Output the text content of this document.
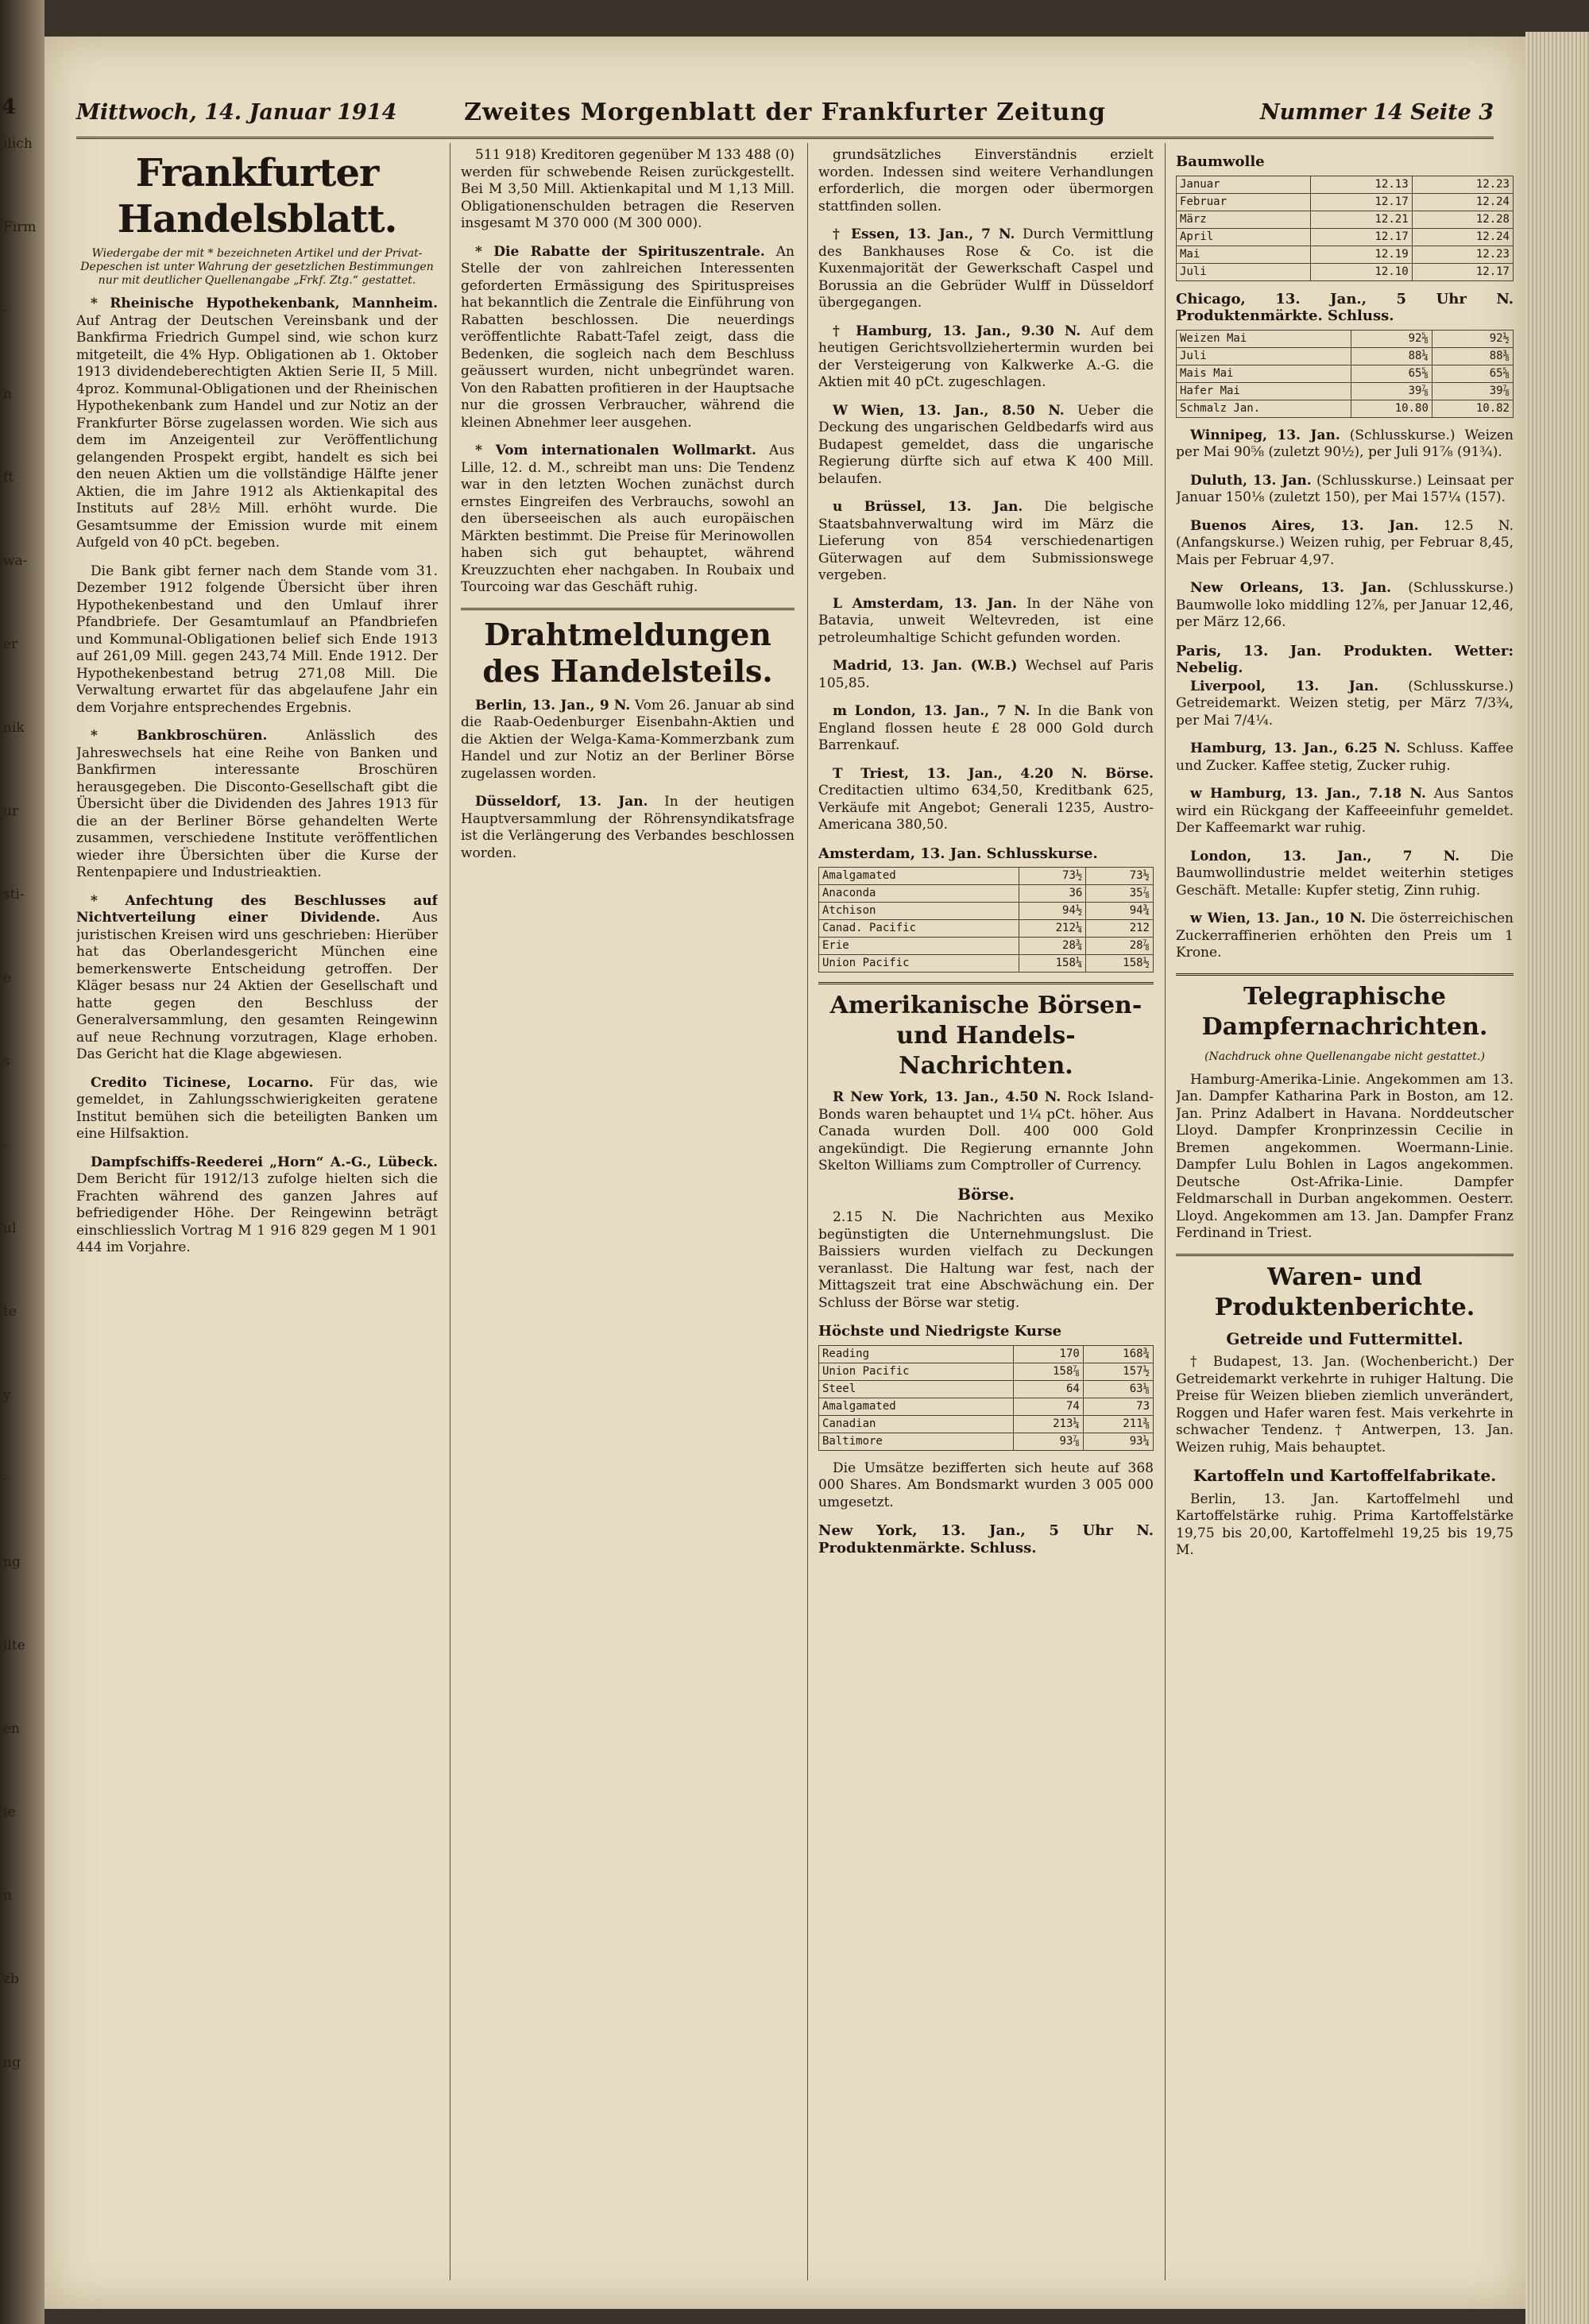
4
ilich
Firm
-
n
ft
wa-
er
nik
ur
sti-
e
s
-
ul
te
y
-
ng
ilte
en
ie
n
zb
ng
Mittwoch, 14. Januar 1914	Zweites Morgenblatt der Frankfurter Zeitung	Nummer 14 Seite 3
Frankfurter Handelsblatt.
Wiedergabe der mit * bezeichneten Artikel und der Privat-Depeschen ist unter Wahrung der gesetzlichen Bestimmungen nur mit deutlicher Quellenangabe „Frkf. Ztg.“ gestattet.
* Rheinische Hypothekenbank, Mannheim. Auf Antrag der Deutschen Vereinsbank und der Bankfirma Friedrich Gumpel sind, wie schon kurz mitgeteilt, die 4% Hyp. Obligationen ab 1. Oktober 1913 dividendeberechtigten Aktien Serie II, 5 Mill. 4proz. Kommunal-Obligationen und der Rheinischen Hypothekenbank zum Handel und zur Notiz an der Frankfurter Börse zugelassen worden. Wie sich aus dem im Anzeigenteil zur Veröffentlichung gelangenden Prospekt ergibt, handelt es sich bei den neuen Aktien um die vollständige Hälfte jener Aktien, die im Jahre 1912 als Aktienkapital des Instituts auf 28½ Mill. erhöht wurde. Die Gesamtsumme der Emission wurde mit einem Aufgeld von 40 pCt. begeben.
Die Bank gibt ferner nach dem Stande vom 31. Dezember 1912 folgende Übersicht über ihren Hypothekenbestand und den Umlauf ihrer Pfandbriefe. Der Gesamtumlauf an Pfandbriefen und Kommunal-Obligationen belief sich Ende 1913 auf 261,09 Mill. gegen 243,74 Mill. Ende 1912. Der Hypothekenbestand betrug 271,08 Mill. Die Verwaltung erwartet für das abgelaufene Jahr ein dem Vorjahre entsprechendes Ergebnis.
* Bankbroschüren.	Anlässlich des Jahreswechsels hat eine Reihe von Banken und Bankfirmen interessante Broschüren herausgegeben. Die Disconto-Gesellschaft gibt die Übersicht über die Dividenden des Jahres 1913 für die an der Berliner Börse gehandelten Werte zusammen, verschiedene Institute veröffentlichen wieder ihre Übersichten über die Kurse der Rentenpapiere und Industrieaktien.
* Anfechtung des Beschlusses auf Nichtverteilung einer Dividende. Aus juristischen Kreisen wird uns geschrieben: Hierüber hat das Oberlandesgericht München eine bemerkenswerte Entscheidung getroffen. Der Kläger besass nur 24 Aktien der Gesellschaft und hatte gegen den Beschluss der Generalversammlung, den gesamten Reingewinn auf neue Rechnung vorzutragen, Klage erhoben. Das Gericht hat die Klage abgewiesen.
Credito Ticinese, Locarno. Für das, wie gemeldet, in Zahlungsschwierigkeiten geratene Institut bemühen sich die beteiligten Banken um eine Hilfsaktion.
Dampfschiffs-Reederei „Horn“ A.-G., Lübeck. Dem Bericht für 1912/13 zufolge hielten sich die Frachten während des ganzen Jahres auf befriedigender Höhe. Der Reingewinn beträgt einschliesslich Vortrag M 1 916 829 gegen M 1 901 444 im Vorjahre.
511 918) Kreditoren gegenüber M 133 488 (0) werden für schwebende Reisen zurückgestellt. Bei M 3,50 Mill. Aktienkapital und M 1,13 Mill. Obligationenschulden betragen die Reserven insgesamt M 370 000 (M 300 000).
* Die Rabatte der Spirituszentrale. An Stelle der von zahlreichen Interessenten geforderten Ermässigung des Spirituspreises hat bekanntlich die Zentrale die Einführung von Rabatten beschlossen. Die neuerdings veröffentlichte Rabatt-Tafel zeigt, dass die Bedenken, die sogleich nach dem Beschluss geäussert wurden, nicht unbegründet waren. Von den Rabatten profitieren in der Hauptsache nur die grossen Verbraucher, während die kleinen Abnehmer leer ausgehen.
* Vom internationalen Wollmarkt. Aus Lille, 12. d. M., schreibt man uns: Die Tendenz war in den letzten Wochen zunächst durch ernstes Eingreifen des Verbrauchs, sowohl an den überseeischen als auch europäischen Märkten bestimmt. Die Preise für Merinowollen haben sich gut behauptet, während Kreuzzuchten eher nachgaben. In Roubaix und Tourcoing war das Geschäft ruhig.
Drahtmeldungen des Handelsteils.
Berlin, 13. Jan., 9 N. Vom 26. Januar ab sind die Raab-Oedenburger Eisenbahn-Aktien und die Aktien der Welga-Kama-Kommerzbank zum Handel und zur Notiz an der Berliner Börse zugelassen worden.
Düsseldorf, 13. Jan. In der heutigen Hauptversammlung der Röhrensyndikatsfrage ist die Verlängerung des Verbandes beschlossen worden.
grundsätzliches Einverständnis erzielt worden. Indessen sind weitere Verhandlungen erforderlich, die morgen oder übermorgen stattfinden sollen.
† Essen, 13. Jan., 7 N. Durch Vermittlung des Bankhauses Rose & Co. ist die Kuxenmajorität der Gewerkschaft Caspel und Borussia an die Gebrüder Wulff in Düsseldorf übergegangen.
† Hamburg, 13. Jan., 9.30 N. Auf dem heutigen Gerichtsvollziehertermin wurden bei der Versteigerung von Kalkwerke A.-G. die Aktien mit 40 pCt. zugeschlagen.
W Wien, 13. Jan., 8.50 N. Ueber die Deckung des ungarischen Geldbedarfs wird aus Budapest gemeldet, dass die ungarische Regierung dürfte sich auf etwa K 400 Mill. belaufen.
u Brüssel, 13. Jan. Die belgische Staatsbahnverwaltung wird im März die Lieferung von 854 verschiedenartigen Güterwagen auf dem Submissionswege vergeben.
L Amsterdam, 13. Jan. In der Nähe von Batavia, unweit Weltevreden, ist eine petroleumhaltige Schicht gefunden worden.
Madrid, 13. Jan. (W.B.) Wechsel auf Paris 105,85.
m London, 13. Jan., 7 N. In die Bank von England flossen heute £ 28 000 Gold durch Barrenkauf.
T Triest, 13. Jan., 4.20 N. Börse. Creditactien ultimo 634,50, Kreditbank 625, Verkäufe mit Angebot; Generali 1235, Austro-Americana 380,50.
Amsterdam, 13. Jan. Schlusskurse.
Amalgamated	73½	73½
Anaconda	36	35⅞
Atchison	94½	94¾
Canad. Pacific	212¼	212
Erie	28¾	28⅞
Union Pacific	158¼	158½
Amerikanische Börsen- und Handels-Nachrichten.
R New York, 13. Jan., 4.50 N. Rock Island-Bonds waren behauptet und 1¼ pCt. höher. Aus Canada wurden Doll. 400 000 Gold angekündigt. Die Regierung ernannte John Skelton Williams zum Comptroller of Currency.
Börse.
2.15 N. Die Nachrichten aus Mexiko begünstigten die Unternehmungslust. Die Baissiers wurden vielfach zu Deckungen veranlasst. Die Haltung war fest, nach der Mittagszeit trat eine Abschwächung ein. Der Schluss der Börse war stetig.
Höchste und Niedrigste Kurse
Reading	170	168¾
Union Pacific	158⅞	157½
Steel	64	63⅛
Amalgamated	74	73
Canadian	213¼	211⅜
Baltimore	93⅞	93¼
Die Umsätze bezifferten sich heute auf 368 000 Shares. Am Bondsmarkt wurden 3 005 000 umgesetzt.
New York, 13. Jan., 5 Uhr N. Produktenmärkte. Schluss.
Baumwolle
Januar	12.13	12.23
Februar	12.17	12.24
März	12.21	12.28
April	12.17	12.24
Mai	12.19	12.23
Juli	12.10	12.17
Chicago, 13. Jan., 5 Uhr N. Produktenmärkte. Schluss.
Weizen Mai	92⅝	92½
Juli	88¼	88⅜
Mais Mai	65⅝	65⅝
Hafer Mai	39⅞	39⅞
Schmalz Jan.	10.80	10.82
Winnipeg, 13. Jan. (Schlusskurse.) Weizen per Mai 90⅝ (zuletzt 90½), per Juli 91⅞ (91¾).
Duluth, 13. Jan. (Schlusskurse.) Leinsaat per Januar 150⅛ (zuletzt 150), per Mai 157¼ (157).
Buenos Aires, 13. Jan. 12.5 N. (Anfangskurse.) Weizen ruhig, per Februar 8,45, Mais per Februar 4,97.
New Orleans, 13. Jan. (Schlusskurse.) Baumwolle loko middling 12⅞, per Januar 12,46, per März 12,66.
Paris, 13. Jan. Produkten. Wetter: Nebelig.
Liverpool, 13. Jan. (Schlusskurse.) Getreidemarkt. Weizen stetig, per März 7/3¾, per Mai 7/4¼.
Hamburg, 13. Jan., 6.25 N. Schluss. Kaffee und Zucker. Kaffee stetig, Zucker ruhig.
w Hamburg, 13. Jan., 7.18 N. Aus Santos wird ein Rückgang der Kaffeeeinfuhr gemeldet. Der Kaffeemarkt war ruhig.
London, 13. Jan., 7 N. Die Baumwollindustrie meldet weiterhin stetiges Geschäft. Metalle: Kupfer stetig, Zinn ruhig.
w Wien, 13. Jan., 10 N. Die österreichischen Zuckerraffinerien erhöhten den Preis um 1 Krone.
Telegraphische Dampfernachrichten.
(Nachdruck ohne Quellenangabe nicht gestattet.)
Hamburg-Amerika-Linie. Angekommen am 13. Jan. Dampfer Katharina Park in Boston, am 12. Jan. Prinz Adalbert in Havana. Norddeutscher Lloyd. Dampfer Kronprinzessin Cecilie in Bremen angekommen. Woermann-Linie. Dampfer Lulu Bohlen in Lagos angekommen. Deutsche Ost-Afrika-Linie. Dampfer Feldmarschall in Durban angekommen. Oesterr. Lloyd. Angekommen am 13. Jan. Dampfer Franz Ferdinand in Triest.
Waren- und Produktenberichte.
Getreide und Futtermittel.
† Budapest, 13. Jan. (Wochenbericht.) Der Getreidemarkt verkehrte in ruhiger Haltung. Die Preise für Weizen blieben ziemlich unverändert, Roggen und Hafer waren fest. Mais verkehrte in schwacher Tendenz. † Antwerpen, 13. Jan. Weizen ruhig, Mais behauptet.
Kartoffeln und Kartoffelfabrikate.
Berlin, 13. Jan. Kartoffelmehl und Kartoffelstärke ruhig. Prima Kartoffelstärke 19,75 bis 20,00, Kartoffelmehl 19,25 bis 19,75 M.
